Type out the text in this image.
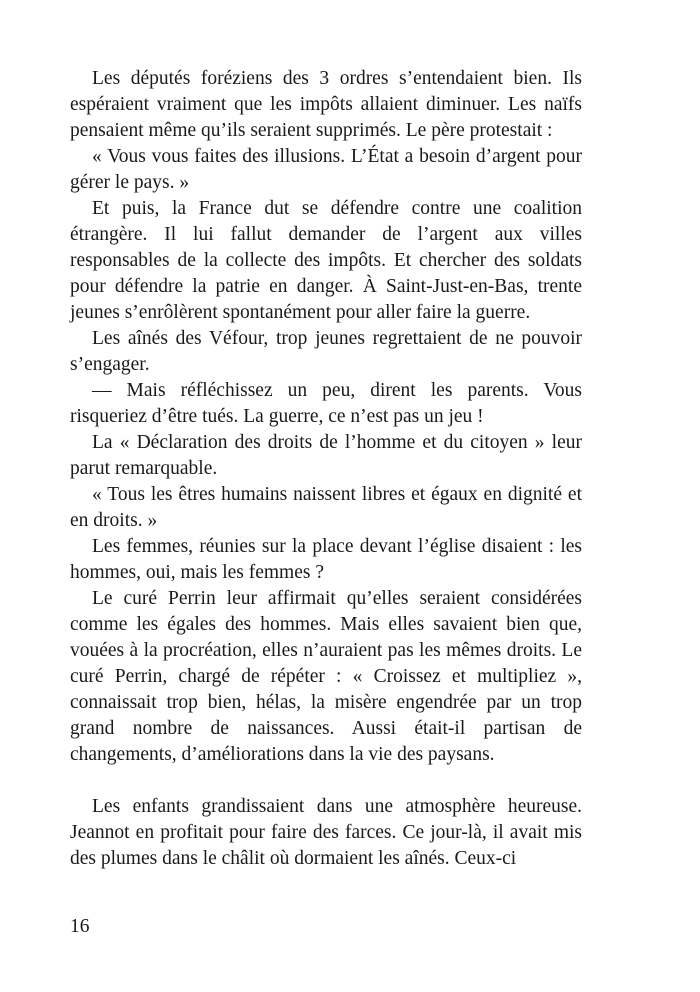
Les députés foréziens des 3 ordres s’entendaient bien. Ils espéraient vraiment que les impôts allaient diminuer. Les naïfs pensaient même qu’ils seraient supprimés. Le père protestait :

« Vous vous faites des illusions. L’État a besoin d’argent pour gérer le pays. »

Et puis, la France dut se défendre contre une coalition étrangère. Il lui fallut demander de l’argent aux villes responsables de la collecte des impôts. Et chercher des soldats pour défendre la patrie en danger. À Saint-Just-en-Bas, trente jeunes s’enrôlèrent spontanément pour aller faire la guerre.

Les aînés des Véfour, trop jeunes regrettaient de ne pouvoir s’engager.

— Mais réfléchissez un peu, dirent les parents. Vous risqueriez d’être tués. La guerre, ce n’est pas un jeu !

La « Déclaration des droits de l’homme et du citoyen » leur parut remarquable.

« Tous les êtres humains naissent libres et égaux en dignité et en droits. »

Les femmes, réunies sur la place devant l’église disaient : les hommes, oui, mais les femmes ?

Le curé Perrin leur affirmait qu’elles seraient considérées comme les égales des hommes. Mais elles savaient bien que, vouées à la procréation, elles n’auraient pas les mêmes droits. Le curé Perrin, chargé de répéter : « Croissez et multipliez », connaissait trop bien, hélas, la misère engendrée par un trop grand nombre de naissances. Aussi était-il partisan de changements, d’améliorations dans la vie des paysans.

Les enfants grandissaient dans une atmosphère heureuse. Jeannot en profitait pour faire des farces. Ce jour-là, il avait mis des plumes dans le châlit où dormaient les aînés. Ceux-ci

16
